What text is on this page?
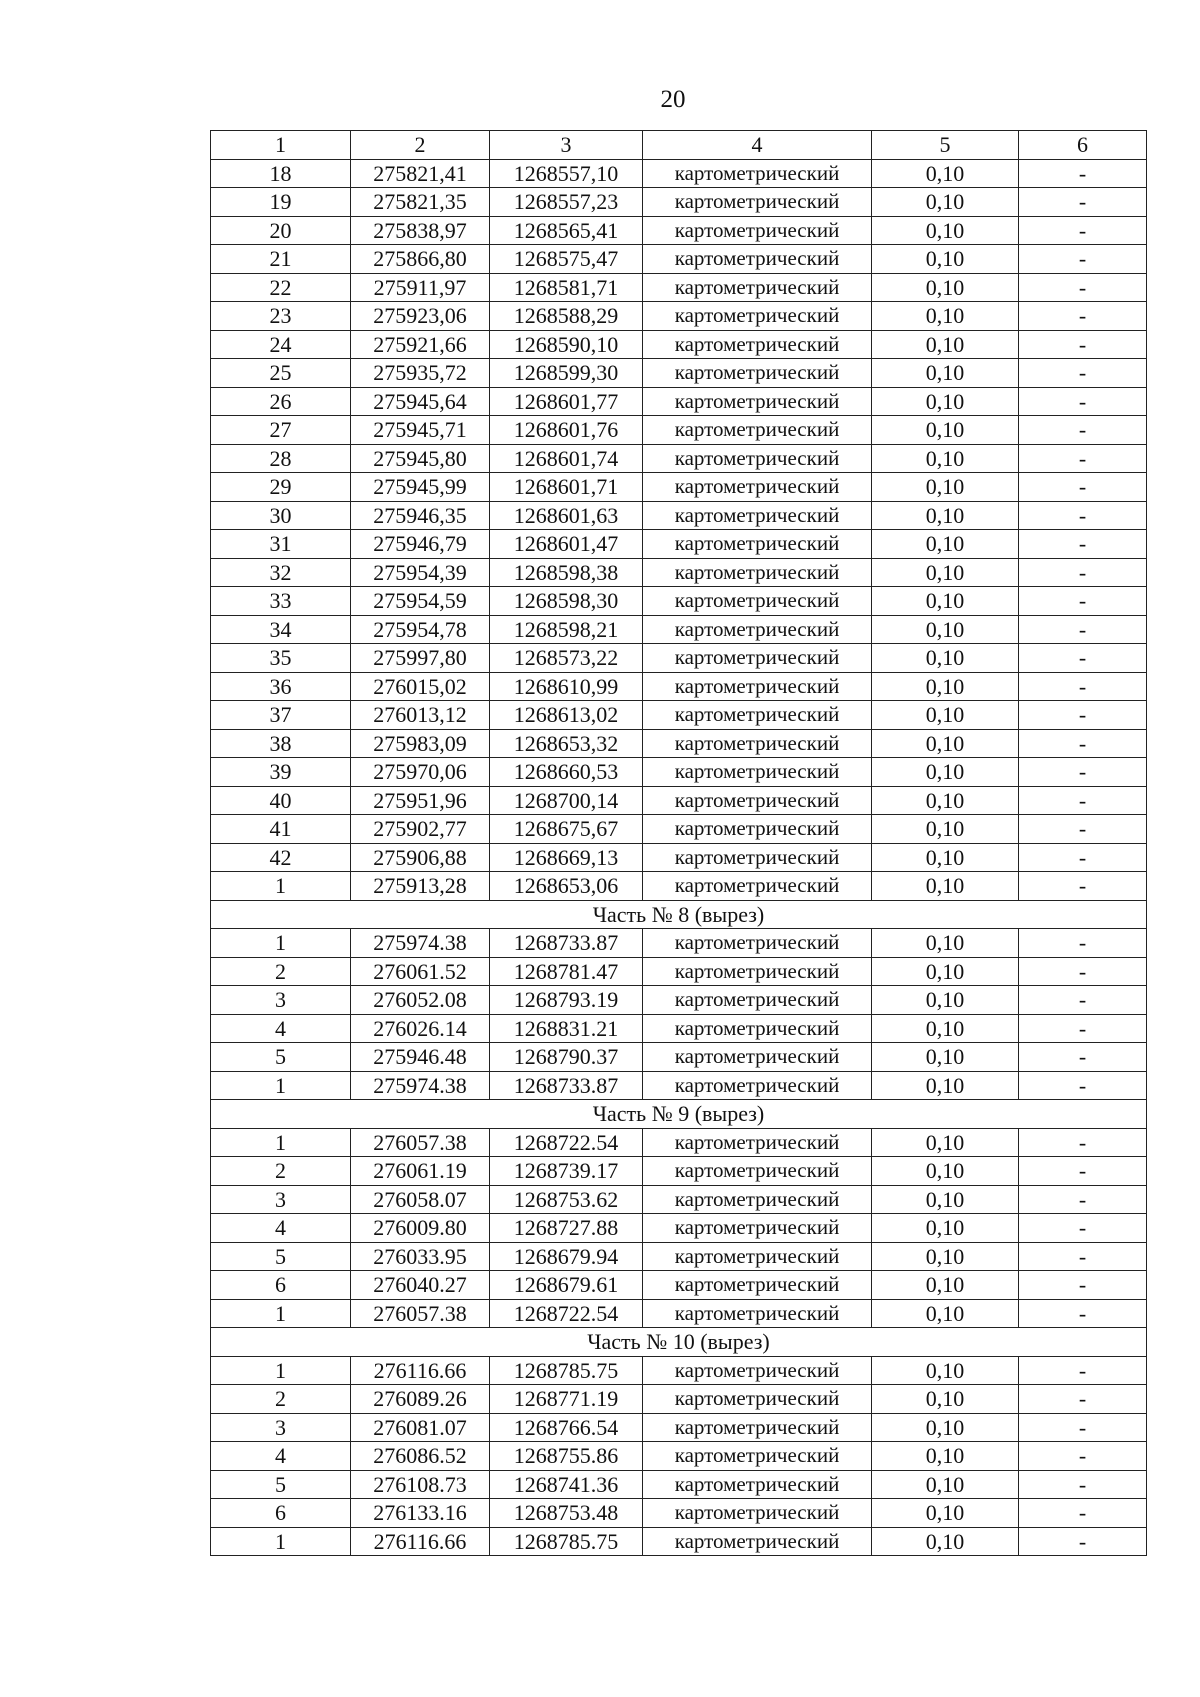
20
1	2	3	4	5	6
18	275821,41	1268557,10	картометрический	0,10	-
19	275821,35	1268557,23	картометрический	0,10	-
20	275838,97	1268565,41	картометрический	0,10	-
21	275866,80	1268575,47	картометрический	0,10	-
22	275911,97	1268581,71	картометрический	0,10	-
23	275923,06	1268588,29	картометрический	0,10	-
24	275921,66	1268590,10	картометрический	0,10	-
25	275935,72	1268599,30	картометрический	0,10	-
26	275945,64	1268601,77	картометрический	0,10	-
27	275945,71	1268601,76	картометрический	0,10	-
28	275945,80	1268601,74	картометрический	0,10	-
29	275945,99	1268601,71	картометрический	0,10	-
30	275946,35	1268601,63	картометрический	0,10	-
31	275946,79	1268601,47	картометрический	0,10	-
32	275954,39	1268598,38	картометрический	0,10	-
33	275954,59	1268598,30	картометрический	0,10	-
34	275954,78	1268598,21	картометрический	0,10	-
35	275997,80	1268573,22	картометрический	0,10	-
36	276015,02	1268610,99	картометрический	0,10	-
37	276013,12	1268613,02	картометрический	0,10	-
38	275983,09	1268653,32	картометрический	0,10	-
39	275970,06	1268660,53	картометрический	0,10	-
40	275951,96	1268700,14	картометрический	0,10	-
41	275902,77	1268675,67	картометрический	0,10	-
42	275906,88	1268669,13	картометрический	0,10	-
1	275913,28	1268653,06	картометрический	0,10	-
Часть № 8 (вырез)					
1	275974.38	1268733.87	картометрический	0,10	-
2	276061.52	1268781.47	картометрический	0,10	-
3	276052.08	1268793.19	картометрический	0,10	-
4	276026.14	1268831.21	картометрический	0,10	-
5	275946.48	1268790.37	картометрический	0,10	-
1	275974.38	1268733.87	картометрический	0,10	-
Часть № 9 (вырез)					
1	276057.38	1268722.54	картометрический	0,10	-
2	276061.19	1268739.17	картометрический	0,10	-
3	276058.07	1268753.62	картометрический	0,10	-
4	276009.80	1268727.88	картометрический	0,10	-
5	276033.95	1268679.94	картометрический	0,10	-
6	276040.27	1268679.61	картометрический	0,10	-
1	276057.38	1268722.54	картометрический	0,10	-
Часть № 10 (вырез)					
1	276116.66	1268785.75	картометрический	0,10	-
2	276089.26	1268771.19	картометрический	0,10	-
3	276081.07	1268766.54	картометрический	0,10	-
4	276086.52	1268755.86	картометрический	0,10	-
5	276108.73	1268741.36	картометрический	0,10	-
6	276133.16	1268753.48	картометрический	0,10	-
1	276116.66	1268785.75	картометрический	0,10	-
